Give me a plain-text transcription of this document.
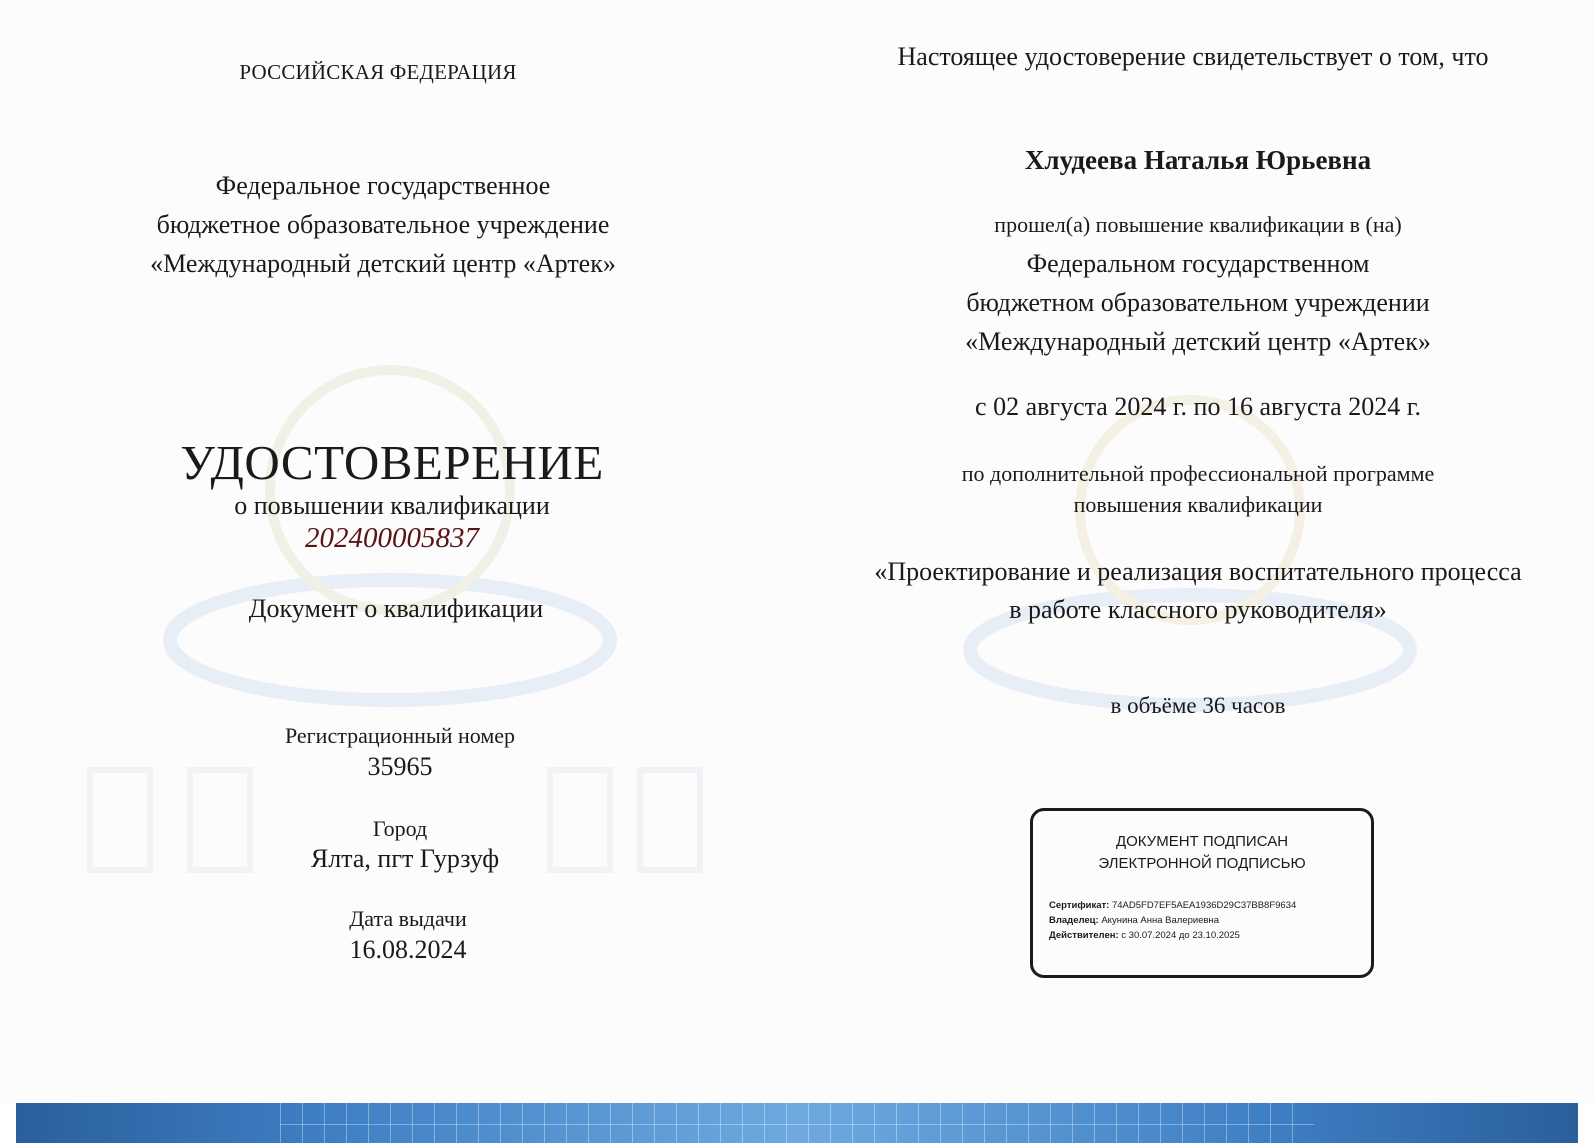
РОССИЙСКАЯ ФЕДЕРАЦИЯ
Федеральное государственное
бюджетное образовательное учреждение
«Международный детский центр «Артек»
УДОСТОВЕРЕНИЕ
о повышении квалификации
202400005837
Документ о квалификации
Регистрационный номер
35965
Город
Ялта, пгт Гурзуф
Дата выдачи
16.08.2024
Настоящее удостоверение свидетельствует о том, что
Хлудеева Наталья Юрьевна
прошел(а) повышение квалификации в (на)
Федеральном государственном
бюджетном образовательном учреждении
«Международный детский центр «Артек»
с 02 августа 2024 г. по 16 августа 2024 г.
по дополнительной профессиональной программе
повышения квалификации
«Проектирование и реализация воспитательного процесса
в работе классного руководителя»
в объёме 36 часов
ДОКУМЕНТ ПОДПИСАН
ЭЛЕКТРОННОЙ ПОДПИСЬЮ
Сертификат: 74AD5FD7EF5AEA1936D29C37BB8F9634
Владелец: Акунина Анна Валериевна
Действителен: с 30.07.2024 до 23.10.2025
